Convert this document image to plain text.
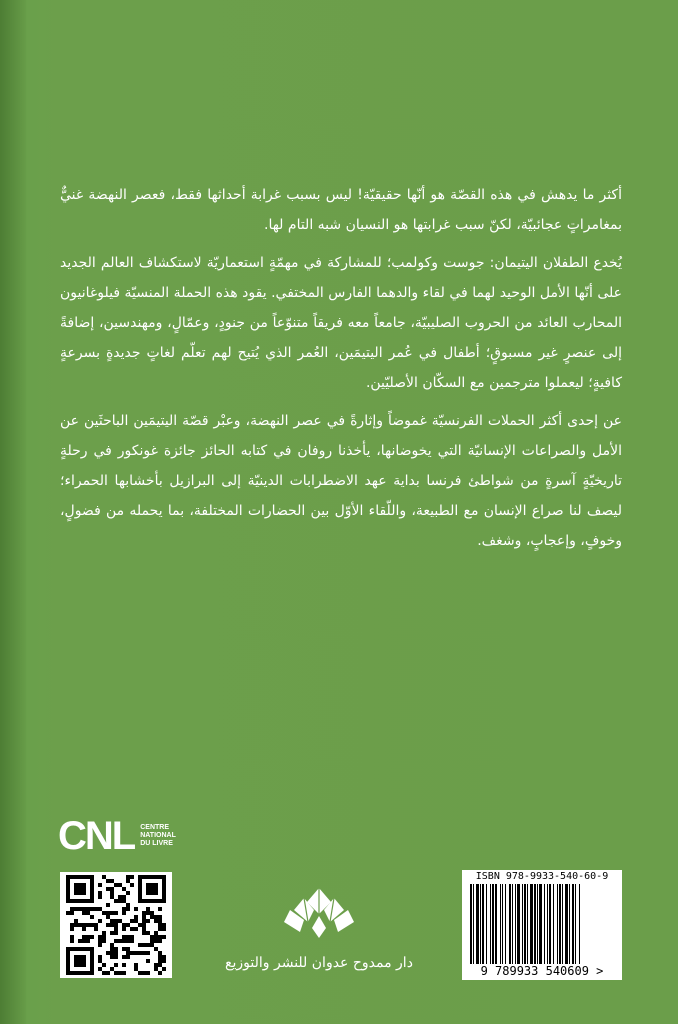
أكثر ما يدهش في هذه القصّة هو أنّها حقيقيّة! ليس بسبب غرابة أحداثها فقط، فعصر النهضة غنيٌّ بمغامراتٍ عجائبيّة، لكنّ سبب غرابتها هو النسيان شبه التام لها.

يُخدع الطفلان اليتيمان: جوست وكولمب؛ للمشاركة في مهمّةٍ استعماريّة لاستكشاف العالم الجديد على أنّها الأمل الوحيد لهما في لقاء والدهما الفارس المختفي. يقود هذه الحملة المنسيّة فيلوغانيون المحارب العائد من الحروب الصليبيّة، جامعاً معه فريقاً متنوّعاً من جنودٍ، وعمّالٍ، ومهندسين، إضافةً إلى عنصرٍ غير مسبوقٍ؛ أطفال في عُمر اليتيمَين، العُمر الذي يُتيح لهم تعلّم لغاتٍ جديدةٍ بسرعةٍ كافيةٍ؛ ليعملوا مترجمين مع السكّان الأصليّين.

عن إحدى أكثر الحملات الفرنسيّة غموضاً وإثارةً في عصر النهضة، وعبْر قصّة اليتيمَين الباحثَين عن الأمل والصراعات الإنسانيّة التي يخوضانها، يأخذنا روفان في كتابه الحائز جائزة غونكور في رحلةٍ تاريخيّةٍ آسرةٍ من شواطئ فرنسا بداية عهد الاضطرابات الدينيّة إلى البرازيل بأخشابها الحمراء؛ ليصف لنا صراع الإنسان مع الطبيعة، واللّقاء الأوّل بين الحضارات المختلفة، بما يحمله من فضولٍ، وخوفٍ، وإعجابٍ، وشغف.

CNL CENTRE
NATIONAL
DU LIVRE
دار ممدوح عدوان للنشر والتوزيع
ISBN 978-9933-540-60-9
9 789933 540609 >
